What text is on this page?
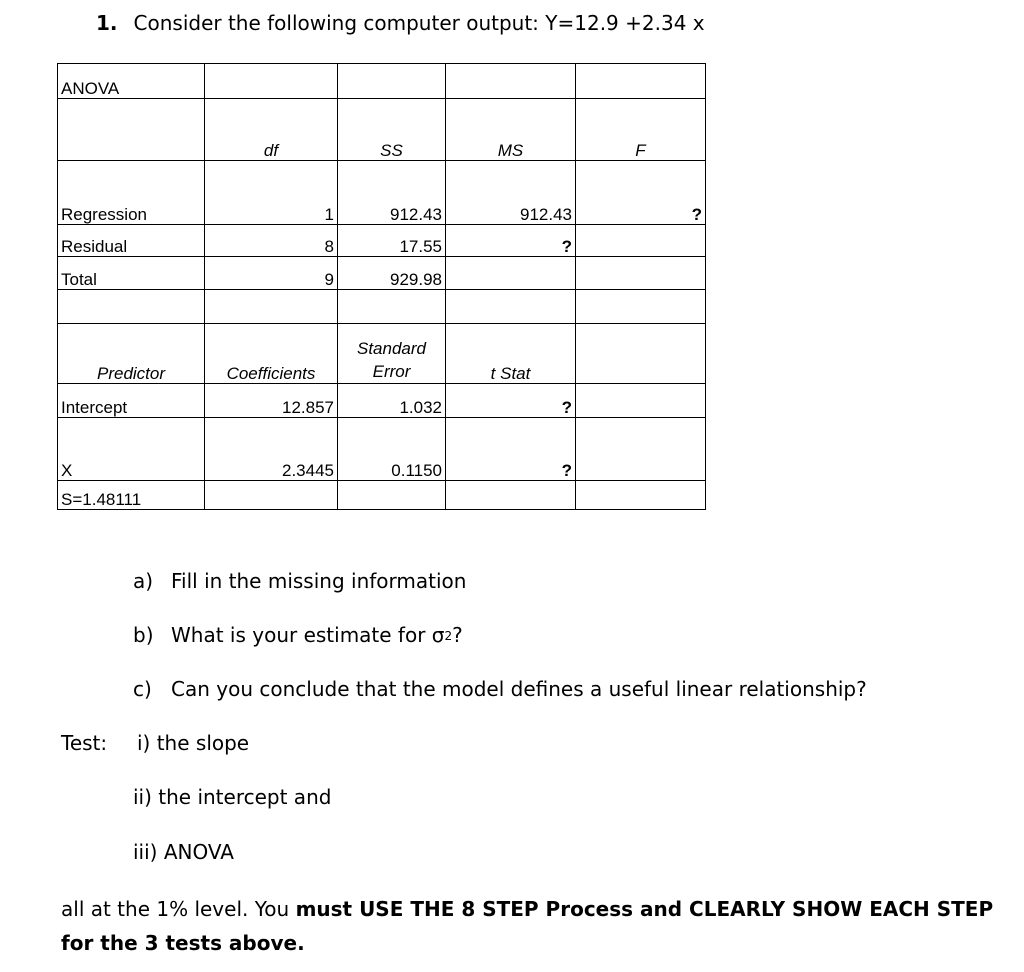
1. Consider the following computer output: Y=12.9 +2.34 x
ANOVA				
	df	SS	MS	F
Regression	1	912.43	912.43	?
Residual	8	17.55	?	
Total	9	929.98		

Predictor	Coefficients	Standard Error	t Stat	
Intercept	12.857	1.032	?	
X	2.3445	0.1150	?	
S=1.48111				
a) Fill in the missing information
b) What is your estimate for $\sigma^2$?
c) Can you conclude that the model defines a useful linear relationship?
Test: i) the slope
ii) the intercept and
iii) ANOVA
all at the 1% level. You must USE THE 8 STEP Process and CLEARLY SHOW EACH STEP for the 3 tests above.
